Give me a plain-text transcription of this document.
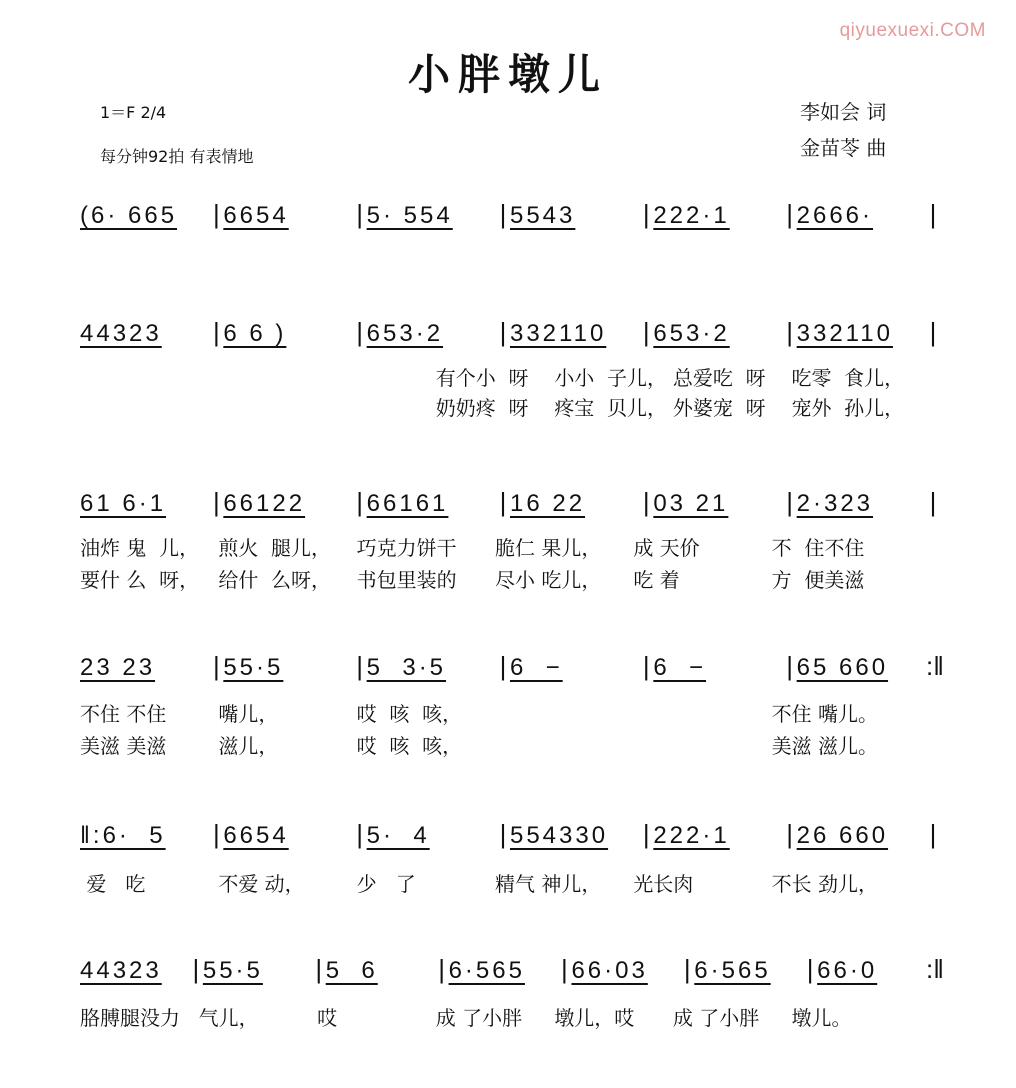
qiyuexuexi.COM
小胖墩儿
1＝F 2/4
每分钟92拍 有表情地
李如会 词
金苗苓 曲
(6· 665	| 6654	| 5· 554	| 5543	| 222·1	| 2666·	|
44323	| 6 6 )	| 653·2	| 332110	| 653·2	| 332110	|
61 6·1	| 66122	| 66161	| 16 22	| 03 21	| 2·323	|
23 23	| 55·5	| 5  3·5	| 6  −	| 6  −	| 65 660	:‖
‖:6·  5	| 6654	| 5·  4	| 554330	| 222·1	| 26 660	|
44323	| 55·5	| 5  6	| 6·565	| 66·03	| 6·565	| 66·0	:‖
有个小  呀	小小  子儿， 总爱吃  呀	吃零  食儿，
奶奶疼  呀	疼宝  贝儿， 外婆宠  呀	宠外  孙儿，
油炸 鬼  儿， 煎火  腿儿，	巧克力饼干	脆仁 果儿，	成 天价	不  住不住
要什 么  呀， 给什  么呀，	书包里装的	尽小 吃儿，	吃 着	方  便美滋
不住 不住	嘴儿，	哎  咳  咳，	不住 嘴儿。
美滋 美滋	滋儿，	哎  咳  咳，	美滋 滋儿。
爱   吃	不爱 动，	少   了	精气 神儿，	光长肉	不长 劲儿，
胳膊腿没力 气儿，	哎	成 了小胖	墩儿，哎	成 了小胖	墩儿。
